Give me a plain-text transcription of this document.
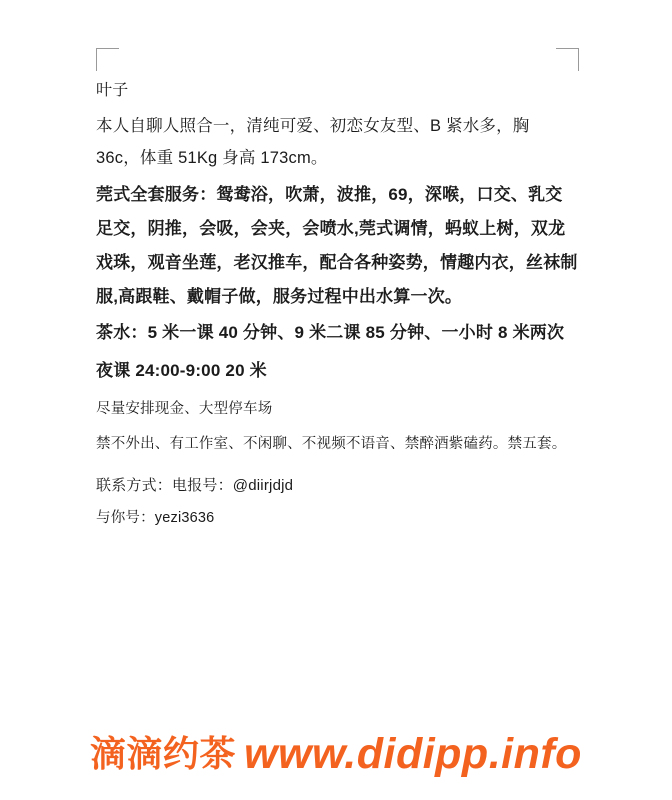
叶子
本人自聊人照合一，清纯可爱、初恋女友型、B 紧水多，胸 36c，体重 51Kg 身高 173cm。
莞式全套服务：鸳鸯浴，吹萧，波推，69，深喉，口交、乳交足交，阴推，会吸，会夹，会喷水,莞式调情，蚂蚁上树，双龙戏珠，观音坐莲，老汉推车，配合各种姿势，情趣内衣，丝袜制服,高跟鞋、戴帽子做，服务过程中出水算一次。
茶水：5 米一课 40 分钟、9 米二课 85 分钟、一小时 8 米两次
夜课 24:00-9:00 20 米
尽量安排现金、大型停车场
禁不外出、有工作室、不闲聊、不视频不语音、禁醉酒紫磕药。禁五套。
联系方式：电报号：@diirjdjd
与你号：yezi3636
滴滴约茶 www.didipp.info
